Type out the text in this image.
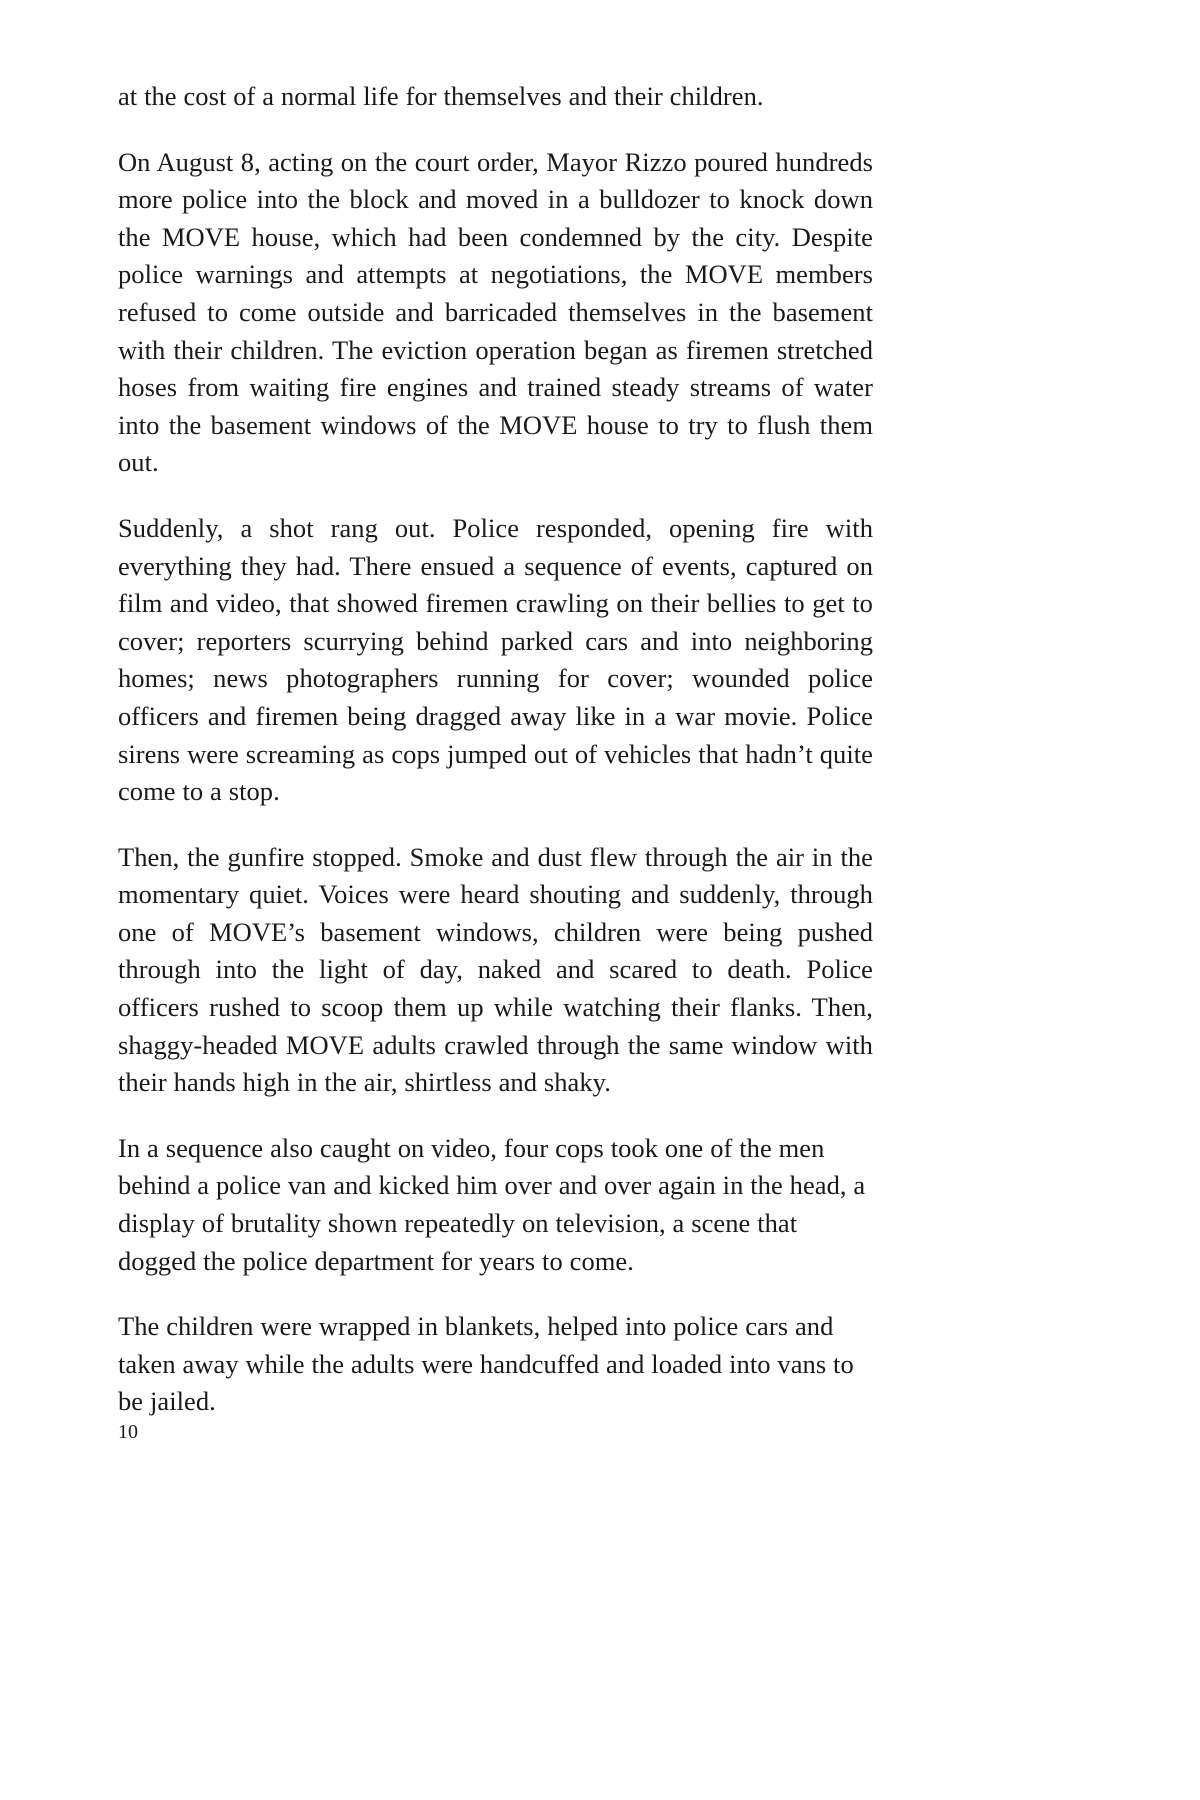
at the cost of a normal life for themselves and their children.

On August 8, acting on the court order, Mayor Rizzo poured hundreds more police into the block and moved in a bulldozer to knock down the MOVE house, which had been condemned by the city. Despite police warnings and attempts at negotiations, the MOVE members refused to come outside and barricaded themselves in the basement with their children. The eviction operation began as firemen stretched hoses from waiting fire engines and trained steady streams of water into the basement windows of the MOVE house to try to flush them out.

Suddenly, a shot rang out. Police responded, opening fire with everything they had. There ensued a sequence of events, captured on film and video, that showed firemen crawling on their bellies to get to cover; reporters scurrying behind parked cars and into neighboring homes; news photographers running for cover; wounded police officers and firemen being dragged away like in a war movie. Police sirens were screaming as cops jumped out of vehicles that hadn’t quite come to a stop.

Then, the gunfire stopped. Smoke and dust flew through the air in the momentary quiet. Voices were heard shouting and suddenly, through one of MOVE’s basement windows, children were being pushed through into the light of day, naked and scared to death. Police officers rushed to scoop them up while watching their flanks. Then, shaggy-headed MOVE adults crawled through the same window with their hands high in the air, shirtless and shaky.

In a sequence also caught on video, four cops took one of the men behind a police van and kicked him over and over again in the head, a display of brutality shown repeatedly on television, a scene that dogged the police department for years to come.

The children were wrapped in blankets, helped into police cars and taken away while the adults were handcuffed and loaded into vans to be jailed.

10
